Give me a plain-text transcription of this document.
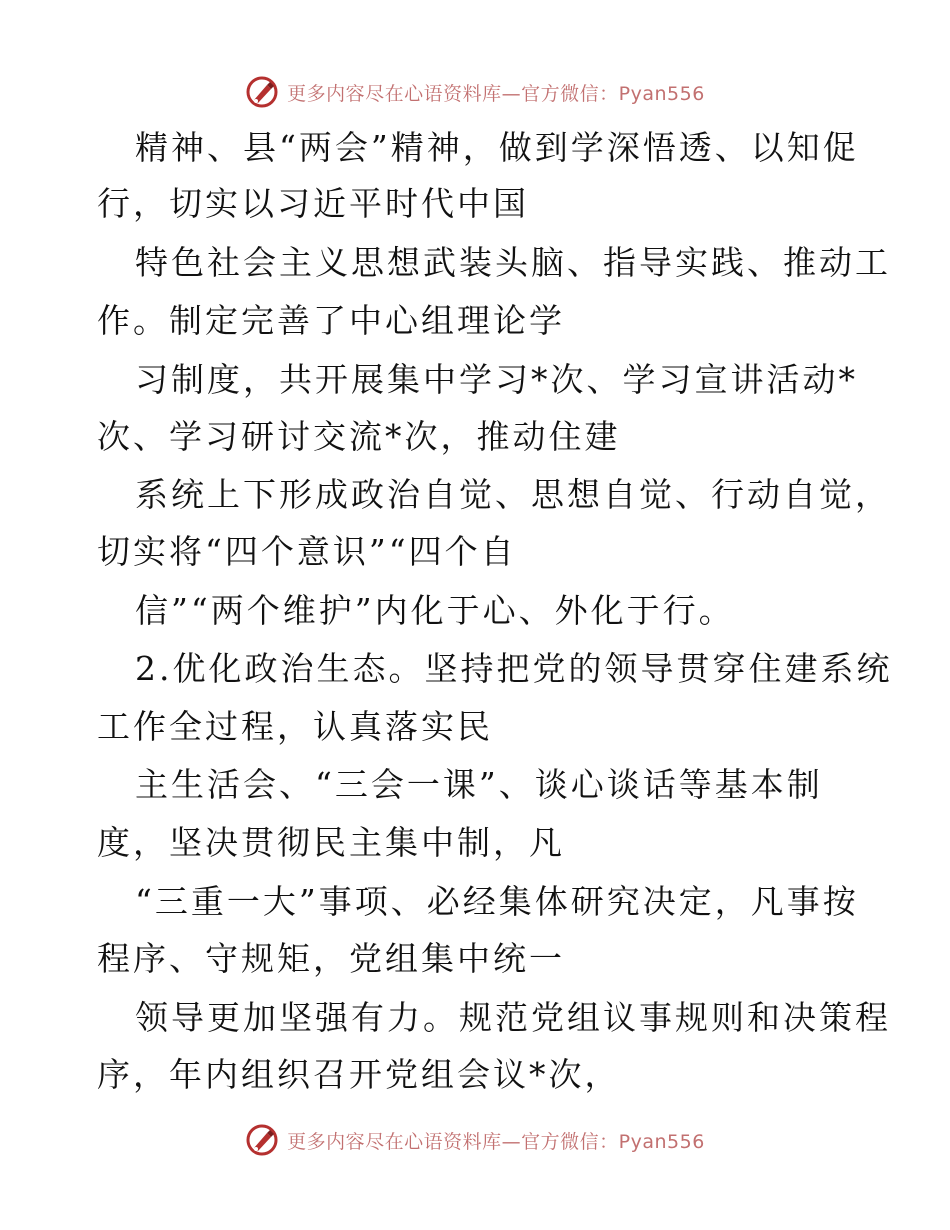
更多内容尽在心语资料库—官方微信：Pyan556
精神、县“两会”精神，做到学深悟透、以知促
行，切实以习近平时代中国
特色社会主义思想武装头脑、指导实践、推动工
作。制定完善了中心组理论学
习制度，共开展集中学习*次、学习宣讲活动*
次、学习研讨交流*次，推动住建
系统上下形成政治自觉、思想自觉、行动自觉，
切实将“四个意识”“四个自
信”“两个维护”内化于心、外化于行。
2.优化政治生态。坚持把党的领导贯穿住建系统
工作全过程，认真落实民
主生活会、“三会一课”、谈心谈话等基本制
度，坚决贯彻民主集中制，凡
“三重一大”事项、必经集体研究决定，凡事按
程序、守规矩，党组集中统一
领导更加坚强有力。规范党组议事规则和决策程
序，年内组织召开党组会议*次，
更多内容尽在心语资料库—官方微信：Pyan556
